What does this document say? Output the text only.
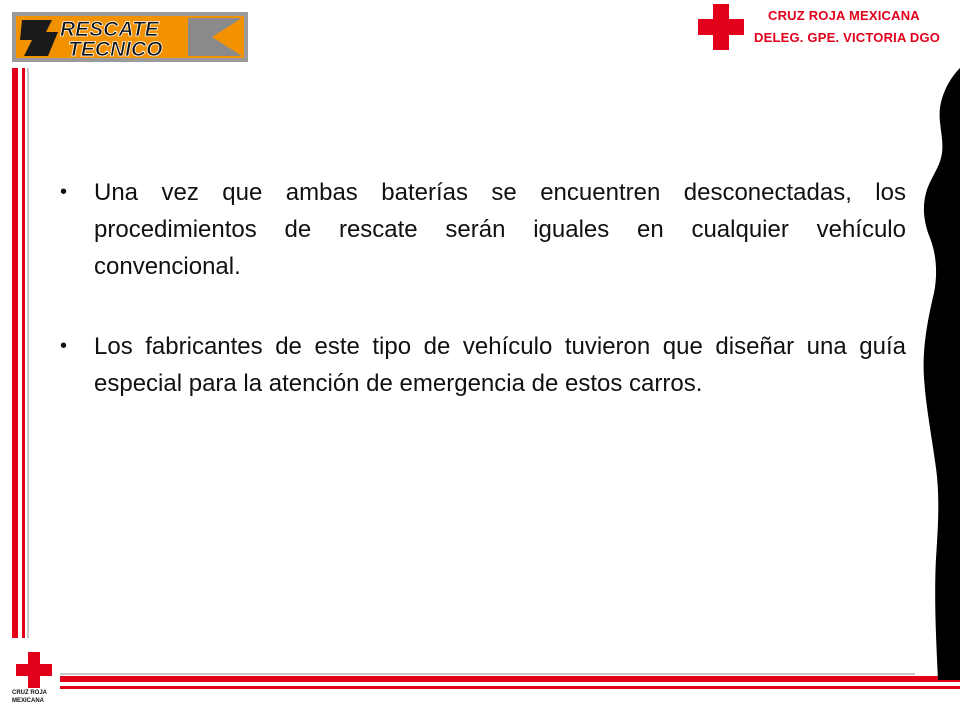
RESCATE
TECNICO
CRUZ ROJA MEXICANA
DELEG. GPE. VICTORIA DGO
CRUZ ROJA
MEXICANA
• Una vez que ambas baterías se encuentren desconectadas, los procedimientos de rescate serán iguales en cualquier vehículo convencional.
• Los fabricantes de este tipo de vehículo tuvieron que diseñar una guía especial para la atención de emergencia de estos carros.
